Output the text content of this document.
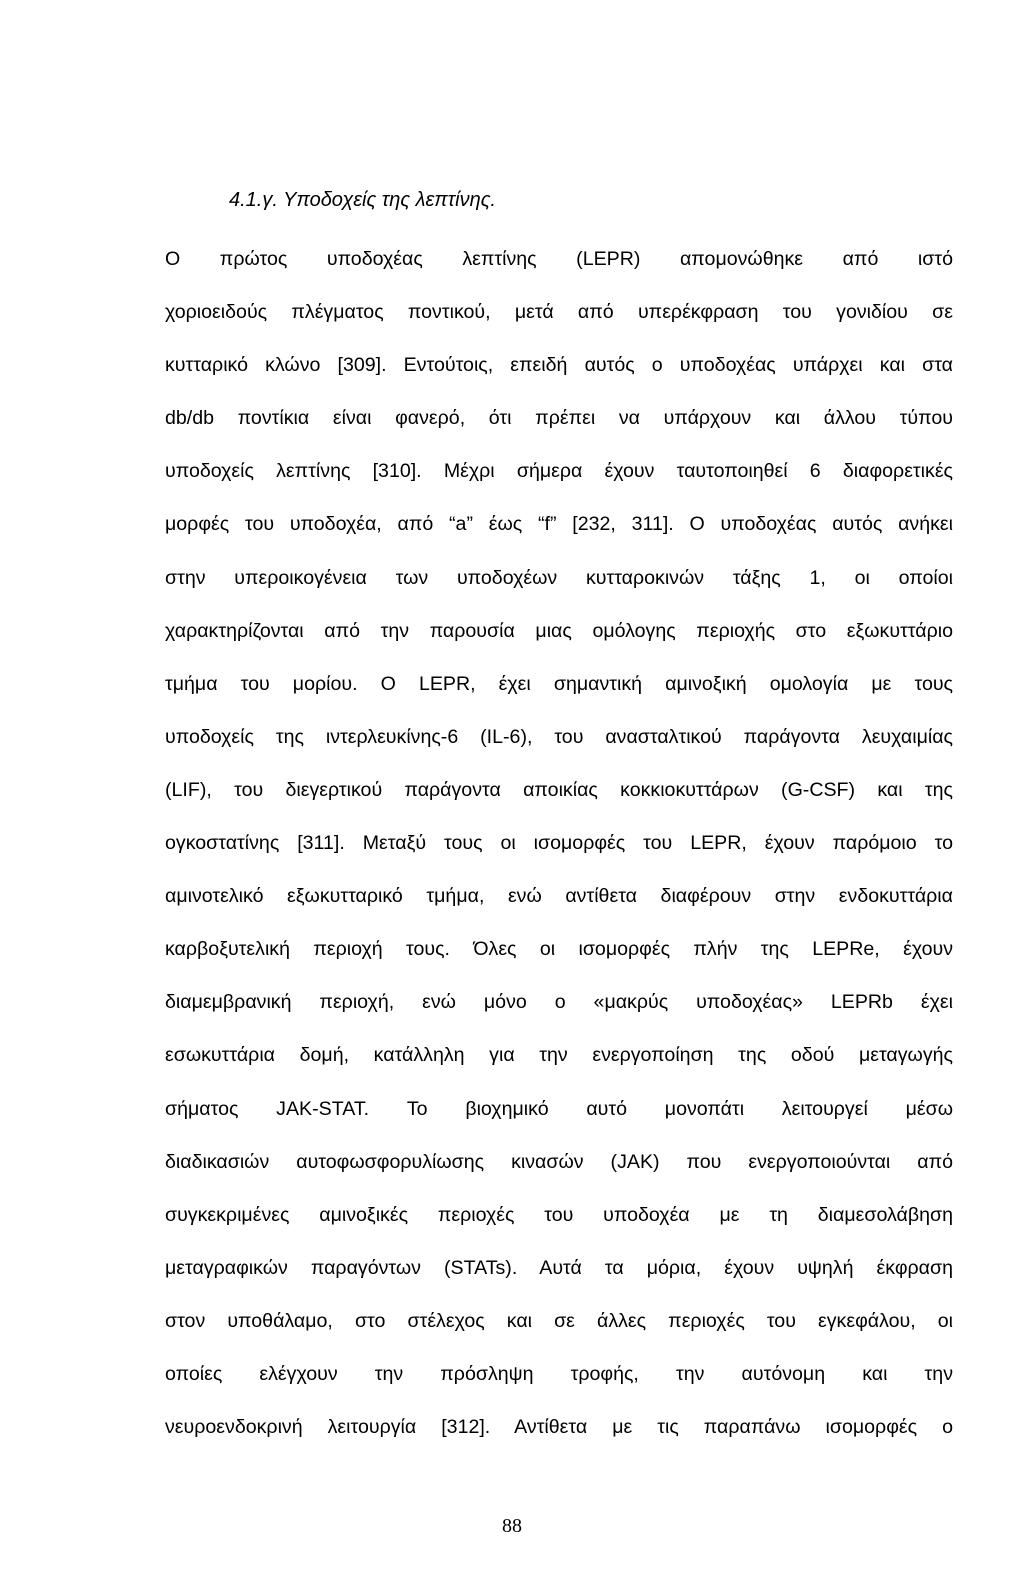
4.1.γ. Υποδοχείς της λεπτίνης.
Ο πρώτος υποδοχέας λεπτίνης (LEPR) απομονώθηκε από ιστό
χοριοειδούς πλέγματος ποντικού, μετά από υπερέκφραση του γονιδίου σε
κυτταρικό κλώνο [309]. Εντούτοις, επειδή αυτός ο υποδοχέας υπάρχει και στα
db/db ποντίκια είναι φανερό, ότι πρέπει να υπάρχουν και άλλου τύπου
υποδοχείς λεπτίνης [310]. Μέχρι σήμερα έχουν ταυτοποιηθεί 6 διαφορετικές
μορφές του υποδοχέα, από “a” έως “f” [232, 311]. Ο υποδοχέας αυτός ανήκει
στην υπεροικογένεια των υποδοχέων κυτταροκινών τάξης 1, οι οποίοι
χαρακτηρίζονται από την παρουσία μιας ομόλογης περιοχής στο εξωκυττάριο
τμήμα του μορίου. Ο LEPR, έχει σημαντική αμινοξική ομολογία με τους
υποδοχείς της ιντερλευκίνης-6 (IL-6), του ανασταλτικού παράγοντα λευχαιμίας
(LIF), του διεγερτικού παράγοντα αποικίας κοκκιοκυττάρων (G-CSF) και της
ογκοστατίνης [311]. Μεταξύ τους οι ισομορφές του LEPR, έχουν παρόμοιο το
αμινοτελικό εξωκυτταρικό τμήμα, ενώ αντίθετα διαφέρουν στην ενδοκυττάρια
καρβοξυτελική περιοχή τους. Όλες οι ισομορφές πλήν της LEPRe, έχουν
διαμεμβρανική περιοχή, ενώ μόνο ο «μακρύς υποδοχέας» LEPRb έχει
εσωκυττάρια δομή, κατάλληλη για την ενεργοποίηση της οδού μεταγωγής
σήματος JAK-STAT. Το βιοχημικό αυτό μονοπάτι λειτουργεί μέσω
διαδικασιών αυτοφωσφορυλίωσης κινασών (JAK) που ενεργοποιούνται από
συγκεκριμένες αμινοξικές περιοχές του υποδοχέα με τη διαμεσολάβηση
μεταγραφικών παραγόντων (STATs). Αυτά τα μόρια, έχουν υψηλή έκφραση
στον υποθάλαμο, στο στέλεχος και σε άλλες περιοχές του εγκεφάλου, οι
οποίες ελέγχουν την πρόσληψη τροφής, την αυτόνομη και την
νευροενδοκρινή λειτουργία [312]. Αντίθετα με τις παραπάνω ισομορφές ο

88
